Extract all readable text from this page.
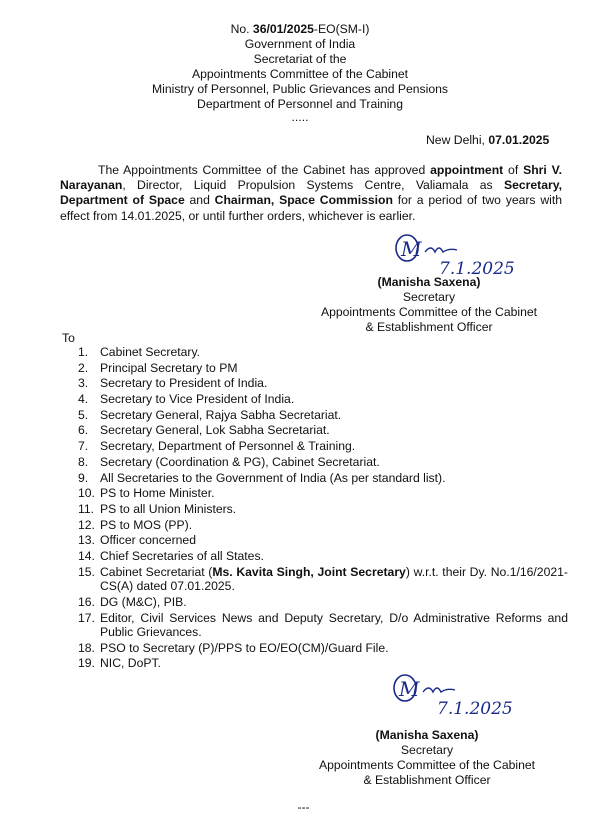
No. 36/01/2025-EO(SM-I)
Government of India
Secretariat of the
Appointments Committee of the Cabinet
Ministry of Personnel, Public Grievances and Pensions
Department of Personnel and Training
.....
New Delhi, 07.01.2025

The Appointments Committee of the Cabinet has approved appointment of Shri V. Narayanan, Director, Liquid Propulsion Systems Centre, Valiamala as Secretary, Department of Space and Chairman, Space Commission for a period of two years with effect from 14.01.2025, or until further orders, whichever is earlier.

M
7.1.2025
(Manisha Saxena)
Secretary
Appointments Committee of the Cabinet
& Establishment Officer
To
1. Cabinet Secretary.
2. Principal Secretary to PM
3. Secretary to President of India.
4. Secretary to Vice President of India.
5. Secretary General, Rajya Sabha Secretariat.
6. Secretary General, Lok Sabha Secretariat.
7. Secretary, Department of Personnel & Training.
8. Secretary (Coordination & PG), Cabinet Secretariat.
9. All Secretaries to the Government of India (As per standard list).
10. PS to Home Minister.
11. PS to all Union Ministers.
12. PS to MOS (PP).
13. Officer concerned
14. Chief Secretaries of all States.
15. Cabinet Secretariat (Ms. Kavita Singh, Joint Secretary) w.r.t. their Dy. No.1/16/2021-CS(A) dated 07.01.2025.
16. DG (M&C), PIB.
17. Editor, Civil Services News and Deputy Secretary, D/o Administrative Reforms and Public Grievances.
18. PSO to Secretary (P)/PPS to EO/EO(CM)/Guard File.
19. NIC, DoPT.
M
7.1.2025
(Manisha Saxena)
Secretary
Appointments Committee of the Cabinet
& Establishment Officer
---
